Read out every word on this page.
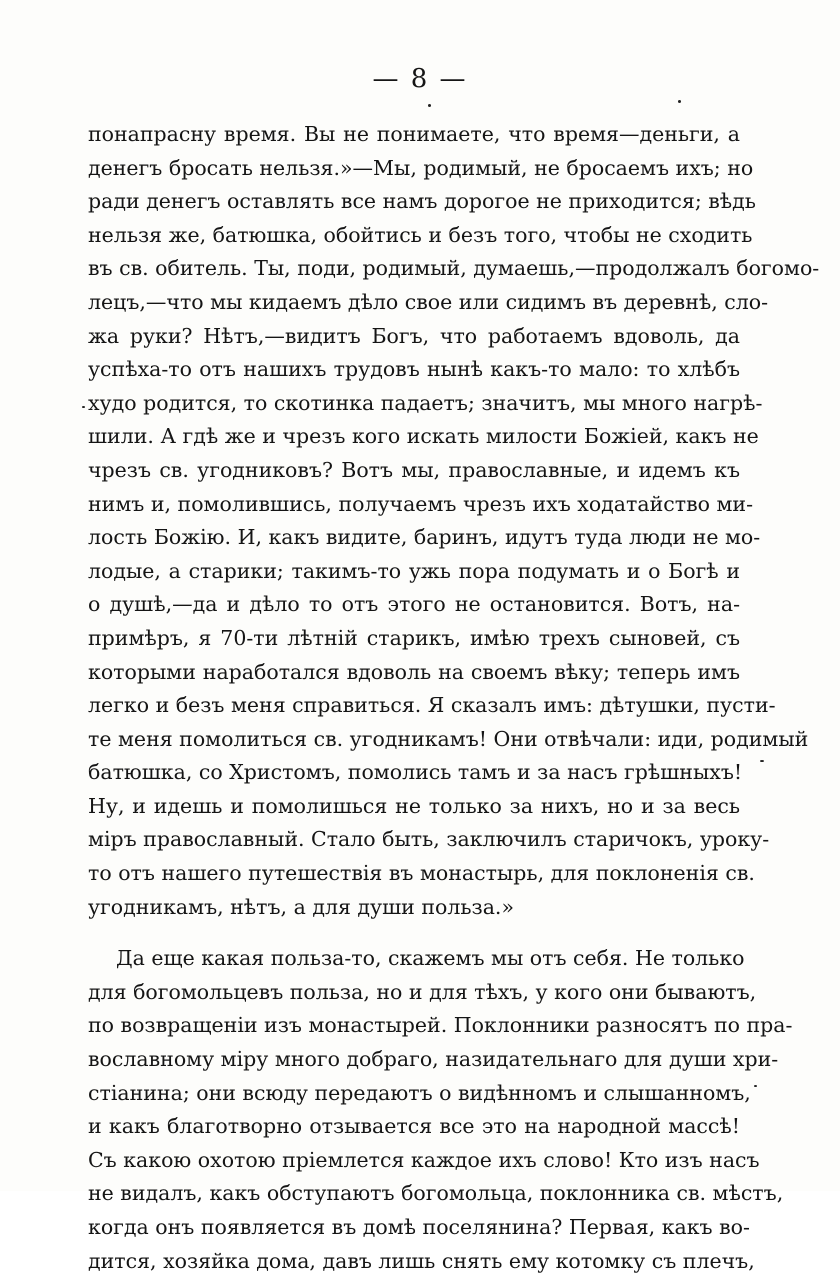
— 8 —
понапрасну время. Вы не понимаете, что время—деньги, а
денегъ бросать нельзя.»—Мы, родимый, не бросаемъ ихъ; но
ради денегъ оставлять все намъ дорогое не приходится; вѣдь
нельзя же, батюшка, обойтись и безъ того, чтобы не сходить
въ св. обитель. Ты, поди, родимый, думаешь,—продолжалъ богомо-
лецъ,—что мы кидаемъ дѣло свое или сидимъ въ деревнѣ, сло-
жа руки? Нѣтъ,—видитъ Богъ, что работаемъ вдоволь, да
успѣха-то отъ нашихъ трудовъ нынѣ какъ-то мало: то хлѣбъ
худо родится, то скотинка падаетъ; значитъ, мы много нагрѣ-
шили. А гдѣ же и чрезъ кого искать милости Божіей, какъ не
чрезъ св. угодниковъ? Вотъ мы, православные, и идемъ къ
нимъ и, помолившись, получаемъ чрезъ ихъ ходатайство ми-
лость Божію. И, какъ видите, баринъ, идутъ туда люди не мо-
лодые, а старики; такимъ-то ужь пора подумать и о Богѣ и
о душѣ,—да и дѣло то отъ этого не остановится. Вотъ, на-
примѣръ, я 70-ти лѣтній старикъ, имѣю трехъ сыновей, съ
которыми наработался вдоволь на своемъ вѣку; теперь имъ
легко и безъ меня справиться. Я сказалъ имъ: дѣтушки, пусти-
те меня помолиться св. угодникамъ! Они отвѣчали: иди, родимый
батюшка, со Христомъ, помолись тамъ и за насъ грѣшныхъ!
Ну, и идешь и помолишься не только за нихъ, но и за весь
міръ православный. Стало быть, заключилъ старичокъ, уроку-
то отъ нашего путешествія въ монастырь, для поклоненія св.
угодникамъ, нѣтъ, а для души польза.»
Да еще какая польза-то, скажемъ мы отъ себя. Не только
для богомольцевъ польза, но и для тѣхъ, у кого они бываютъ,
по возвращеніи изъ монастырей. Поклонники разносятъ по пра-
вославному міру много добраго, назидательнаго для души хри-
стіанина; они всюду передаютъ о видѣнномъ и слышанномъ,
и какъ благотворно отзывается все это на народной массѣ!
Съ какою охотою пріемлется каждое ихъ слово! Кто изъ насъ
не видалъ, какъ обступаютъ богомольца, поклонника св. мѣстъ,
когда онъ появляется въ домѣ поселянина? Первая, какъ во-
дится, хозяйка дома, давъ лишь снять ему котомку съ плечъ,
